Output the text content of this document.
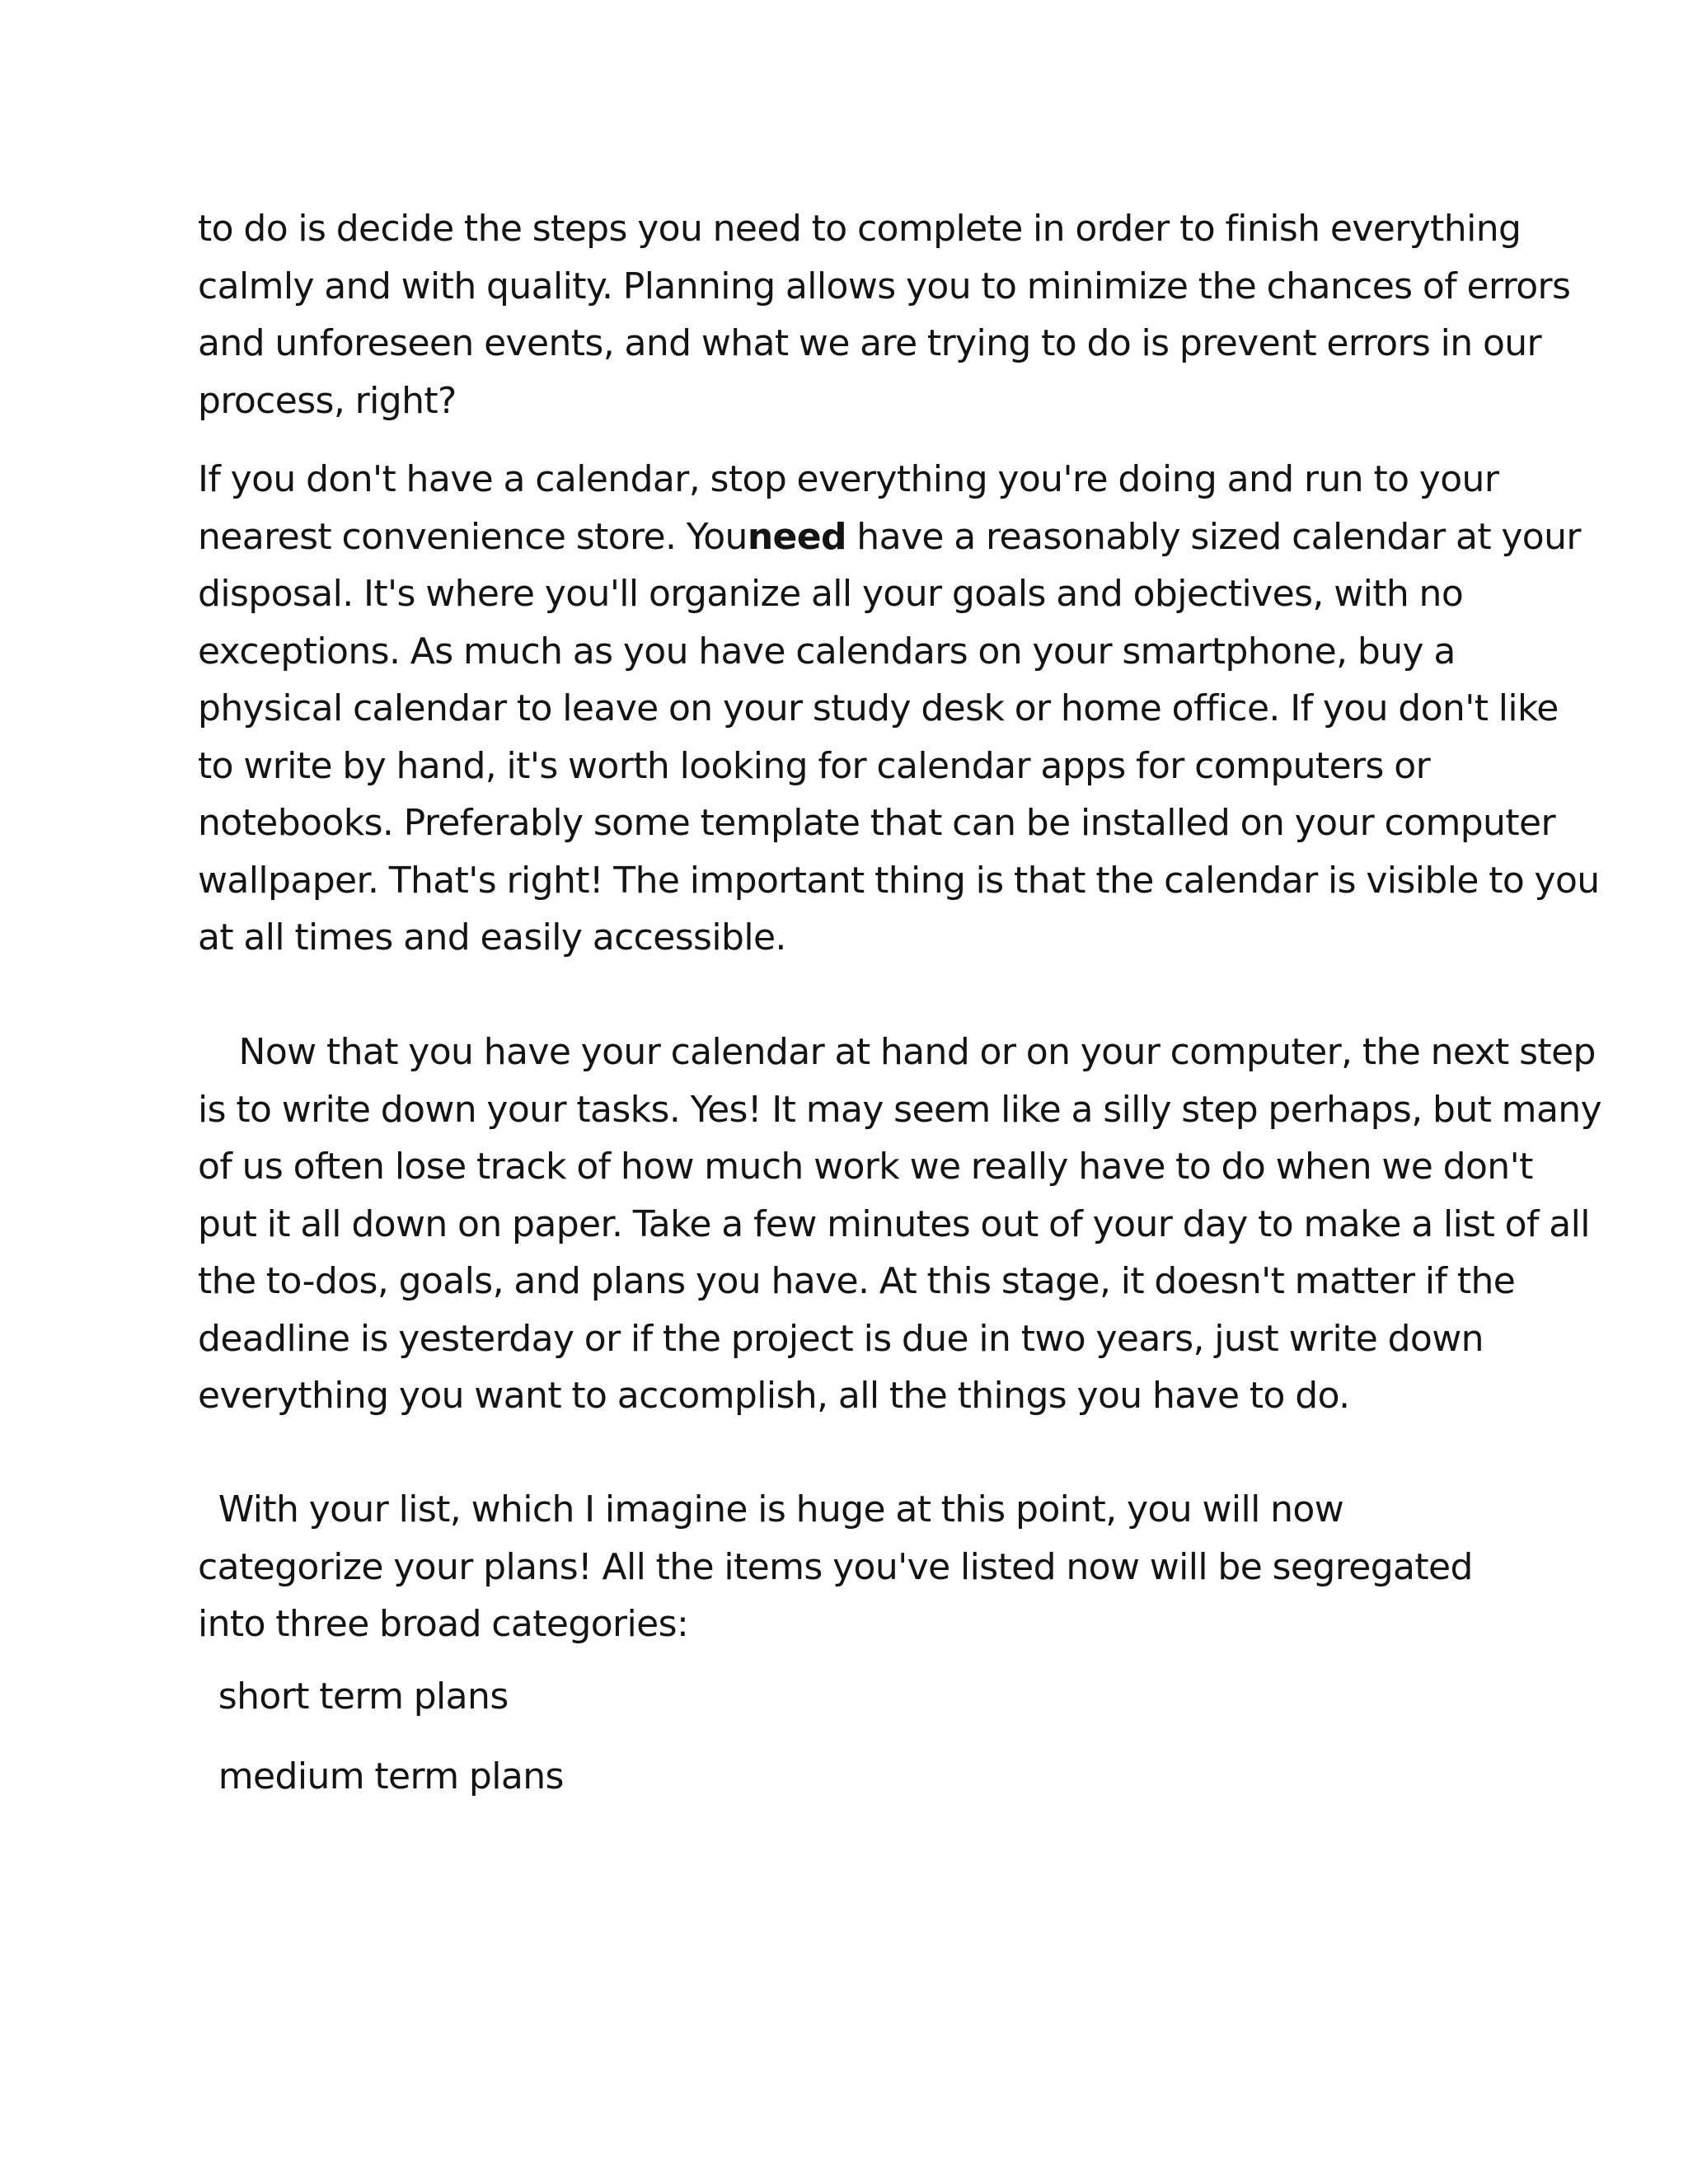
to do is decide the steps you need to complete in order to finish everything
calmly and with quality. Planning allows you to minimize the chances of errors
and unforeseen events, and what we are trying to do is prevent errors in our
process, right?

If you don't have a calendar, stop everything you're doing and run to your
nearest convenience store. Youneed have a reasonably sized calendar at your
disposal. It's where you'll organize all your goals and objectives, with no
exceptions. As much as you have calendars on your smartphone, buy a
physical calendar to leave on your study desk or home office. If you don't like
to write by hand, it's worth looking for calendar apps for computers or
notebooks. Preferably some template that can be installed on your computer
wallpaper. That's right! The important thing is that the calendar is visible to you
at all times and easily accessible.

Now that you have your calendar at hand or on your computer, the next step
is to write down your tasks. Yes! It may seem like a silly step perhaps, but many
of us often lose track of how much work we really have to do when we don't
put it all down on paper. Take a few minutes out of your day to make a list of all
the to-dos, goals, and plans you have. At this stage, it doesn't matter if the
deadline is yesterday or if the project is due in two years, just write down
everything you want to accomplish, all the things you have to do.

With your list, which I imagine is huge at this point, you will now
categorize your plans! All the items you've listed now will be segregated
into three broad categories:

short term plans

medium term plans
